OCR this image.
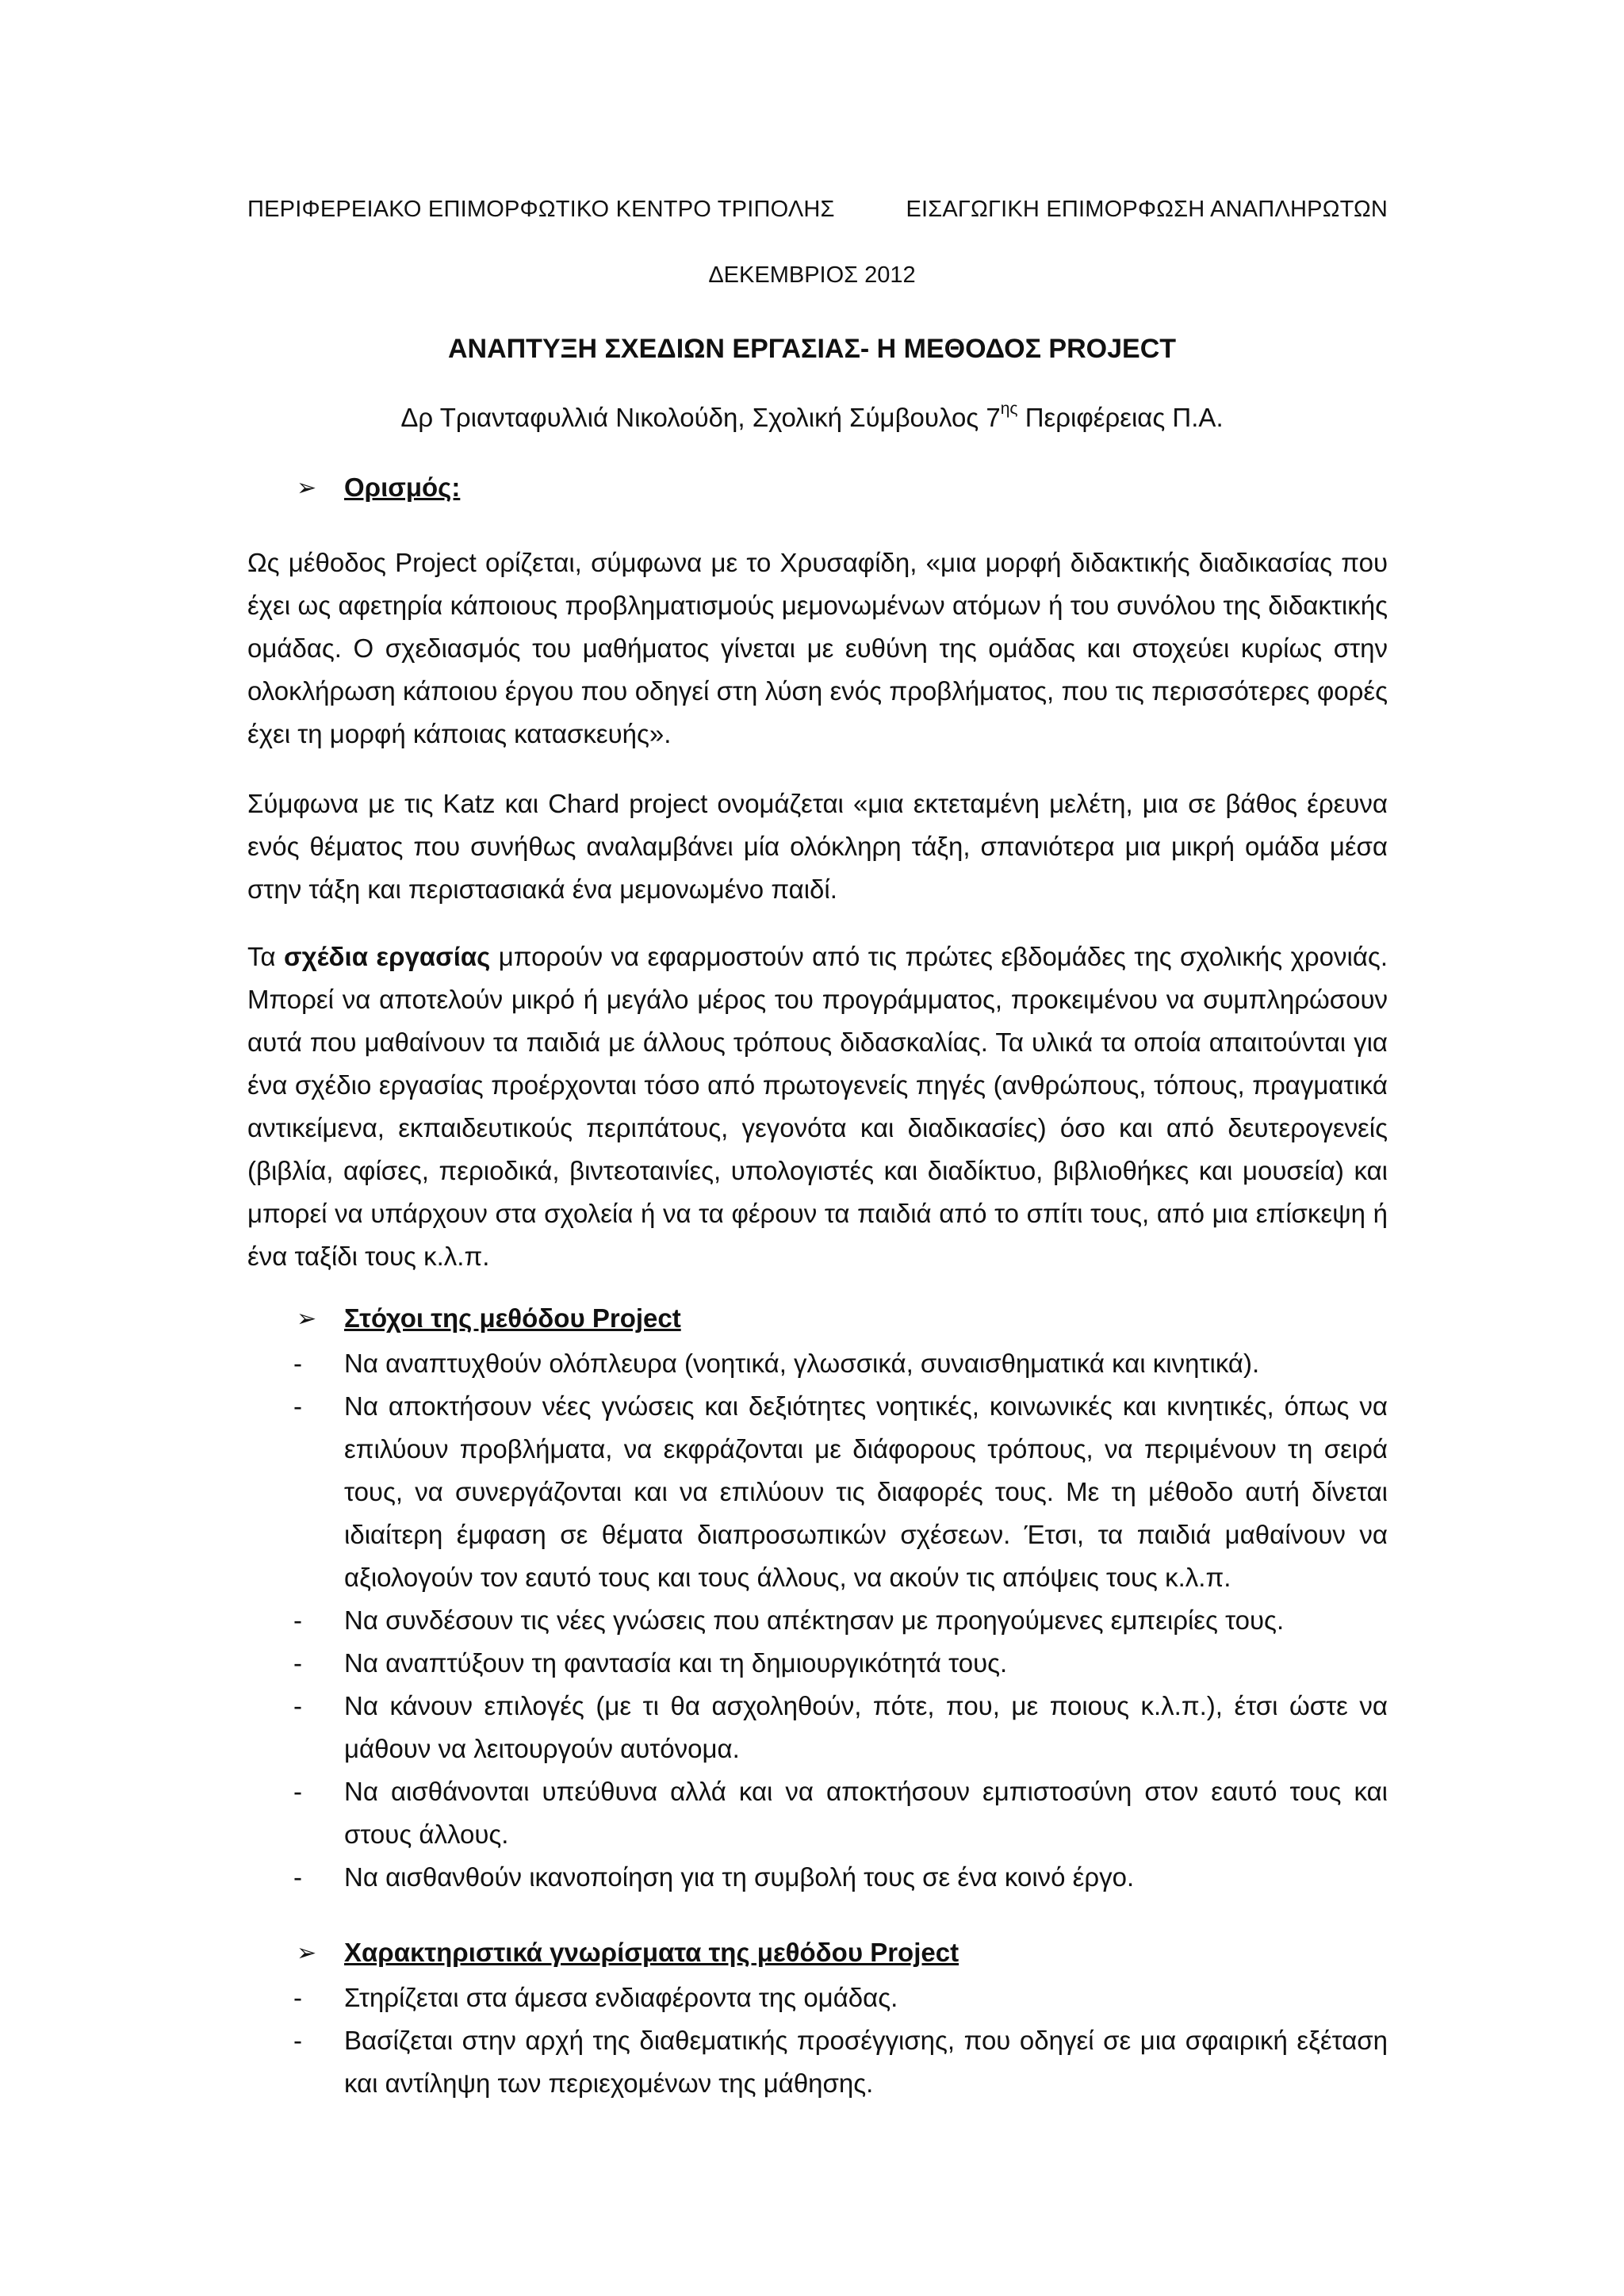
ΠΕΡΙΦΕΡΕΙΑΚΟ ΕΠΙΜΟΡΦΩΤΙΚΟ ΚΕΝΤΡΟ ΤΡΙΠΟΛΗΣ	ΕΙΣΑΓΩΓΙΚΗ ΕΠΙΜΟΡΦΩΣΗ ΑΝΑΠΛΗΡΩΤΩΝ
ΔΕΚΕΜΒΡΙΟΣ 2012
ΑΝΑΠΤΥΞΗ ΣΧΕΔΙΩΝ ΕΡΓΑΣΙΑΣ- Η ΜΕΘΟΔΟΣ PROJECT
Δρ Τριανταφυλλιά Νικολούδη, Σχολική Σύμβουλος $7^{\eta\varsigma}$ Περιφέρειας Π.Α.
➢	Ορισμός:
Ως μέθοδος Project ορίζεται, σύμφωνα με το Χρυσαφίδη, «μια μορφή διδακτικής διαδικασίας που έχει ως αφετηρία κάποιους προβληματισμούς μεμονωμένων ατόμων ή του συνόλου της διδακτικής ομάδας. Ο σχεδιασμός του μαθήματος γίνεται με ευθύνη της ομάδας και στοχεύει κυρίως στην ολοκλήρωση κάποιου έργου που οδηγεί στη λύση ενός προβλήματος, που τις περισσότερες φορές έχει τη μορφή κάποιας κατασκευής».
Σύμφωνα με τις Katz και Chard project ονομάζεται «μια εκτεταμένη μελέτη, μια σε βάθος έρευνα ενός θέματος που συνήθως αναλαμβάνει μία ολόκληρη τάξη, σπανιότερα μια μικρή ομάδα μέσα στην τάξη και περιστασιακά ένα μεμονωμένο παιδί.
Τα σχέδια εργασίας μπορούν να εφαρμοστούν από τις πρώτες εβδομάδες της σχολικής χρονιάς. Μπορεί να αποτελούν μικρό ή μεγάλο μέρος του προγράμματος, προκειμένου να συμπληρώσουν αυτά που μαθαίνουν τα παιδιά με άλλους τρόπους διδασκαλίας. Τα υλικά τα οποία απαιτούνται για ένα σχέδιο εργασίας προέρχονται τόσο από πρωτογενείς πηγές (ανθρώπους, τόπους, πραγματικά αντικείμενα, εκπαιδευτικούς περιπάτους, γεγονότα και διαδικασίες) όσο και από δευτερογενείς (βιβλία, αφίσες, περιοδικά, βιντεοταινίες, υπολογιστές και διαδίκτυο, βιβλιοθήκες και μουσεία) και μπορεί να υπάρχουν στα σχολεία ή να τα φέρουν τα παιδιά από το σπίτι τους, από μια επίσκεψη ή ένα ταξίδι τους κ.λ.π.
➢	Στόχοι της μεθόδου Project
- Να αναπτυχθούν ολόπλευρα (νοητικά, γλωσσικά, συναισθηματικά και κινητικά).
- Να αποκτήσουν νέες γνώσεις και δεξιότητες νοητικές, κοινωνικές και κινητικές, όπως να επιλύουν προβλήματα, να εκφράζονται με διάφορους τρόπους, να περιμένουν τη σειρά τους, να συνεργάζονται και να επιλύουν τις διαφορές τους. Με τη μέθοδο αυτή δίνεται ιδιαίτερη έμφαση σε θέματα διαπροσωπικών σχέσεων. Έτσι, τα παιδιά μαθαίνουν να αξιολογούν τον εαυτό τους και τους άλλους, να ακούν τις απόψεις τους κ.λ.π.
- Να συνδέσουν τις νέες γνώσεις που απέκτησαν με προηγούμενες εμπειρίες τους.
- Να αναπτύξουν τη φαντασία και τη δημιουργικότητά τους.
- Να κάνουν επιλογές (με τι θα ασχοληθούν, πότε, που, με ποιους κ.λ.π.), έτσι ώστε να μάθουν να λειτουργούν αυτόνομα.
- Να αισθάνονται υπεύθυνα αλλά και να αποκτήσουν εμπιστοσύνη στον εαυτό τους και στους άλλους.
- Να αισθανθούν ικανοποίηση για τη συμβολή τους σε ένα κοινό έργο.
➢	Χαρακτηριστικά γνωρίσματα της μεθόδου Project
- Στηρίζεται στα άμεσα ενδιαφέροντα της ομάδας.
- Βασίζεται στην αρχή της διαθεματικής προσέγγισης, που οδηγεί σε μια σφαιρική εξέταση και αντίληψη των περιεχομένων της μάθησης.
